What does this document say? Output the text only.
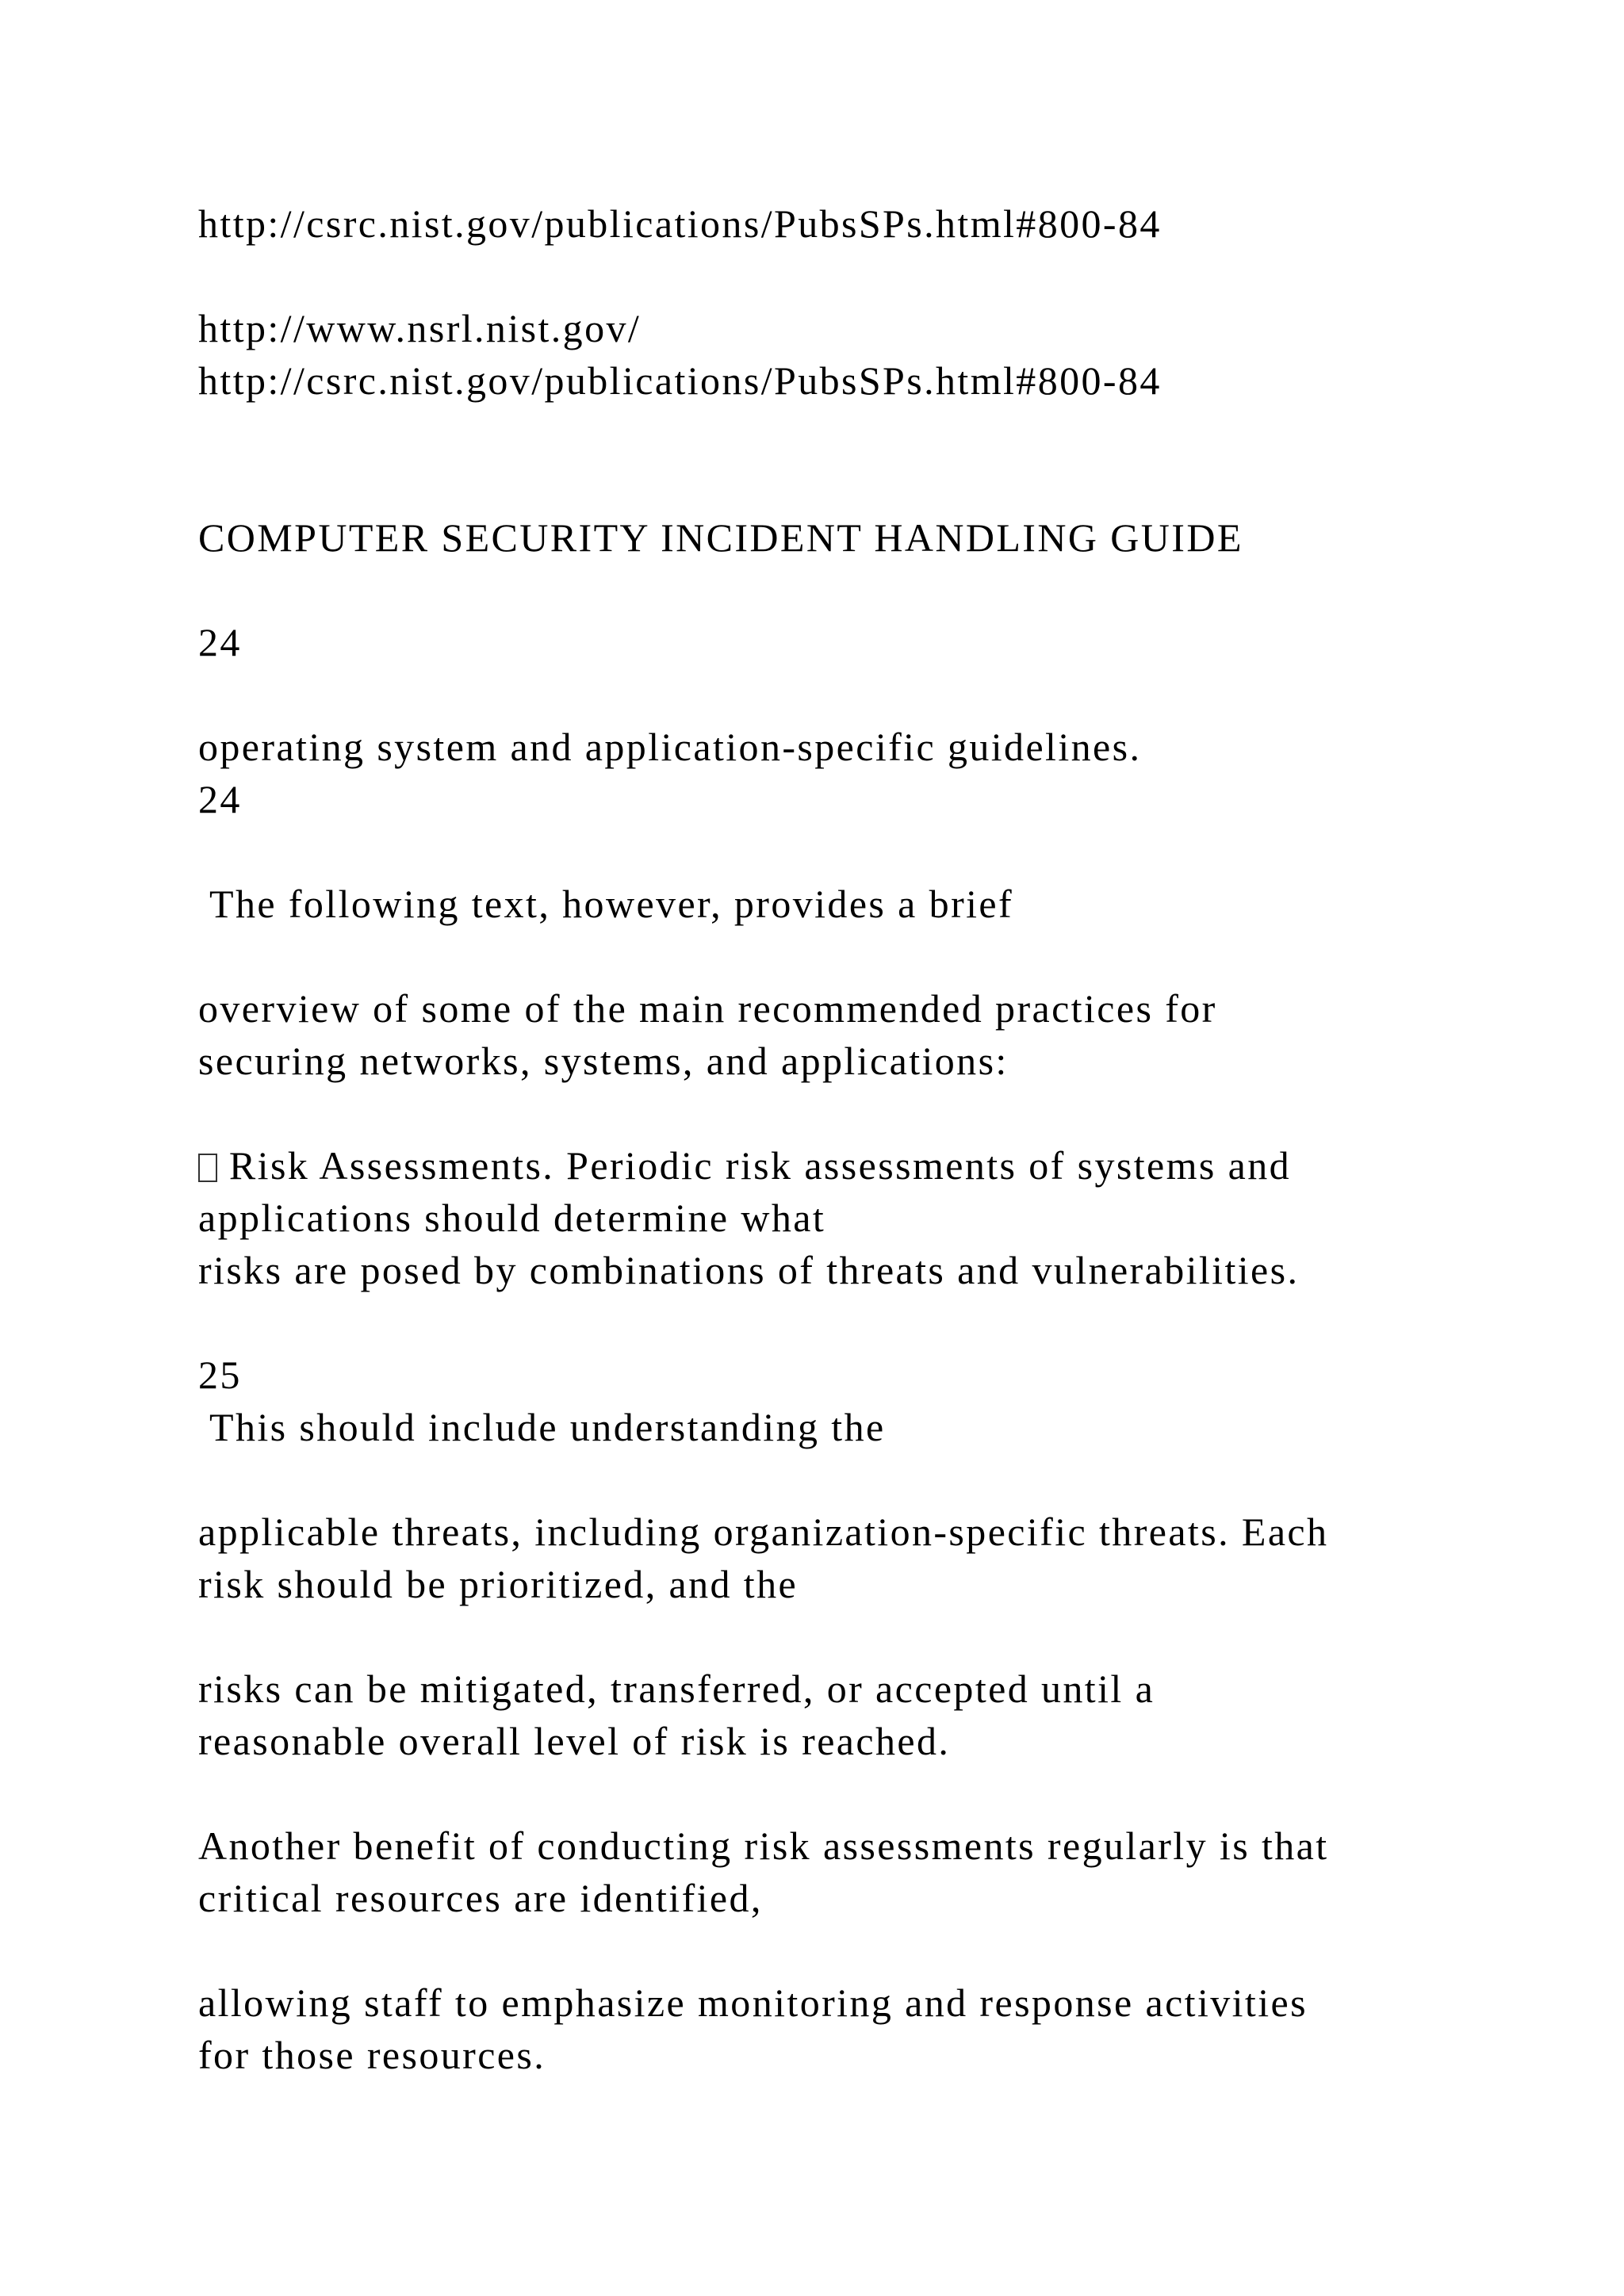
http://csrc.nist.gov/publications/PubsSPs.html#800-84

http://www.nsrl.nist.gov/

http://csrc.nist.gov/publications/PubsSPs.html#800-84

COMPUTER SECURITY INCIDENT HANDLING GUIDE

24

operating system and application-specific guidelines.

24

The following text, however, provides a brief

overview of some of the main recommended practices for

securing networks, systems, and applications:

Risk Assessments. Periodic risk assessments of systems and

applications should determine what

risks are posed by combinations of threats and vulnerabilities.

25

This should include understanding the

applicable threats, including organization-specific threats. Each

risk should be prioritized, and the

risks can be mitigated, transferred, or accepted until a

reasonable overall level of risk is reached.

Another benefit of conducting risk assessments regularly is that

critical resources are identified,

allowing staff to emphasize monitoring and response activities

for those resources.
